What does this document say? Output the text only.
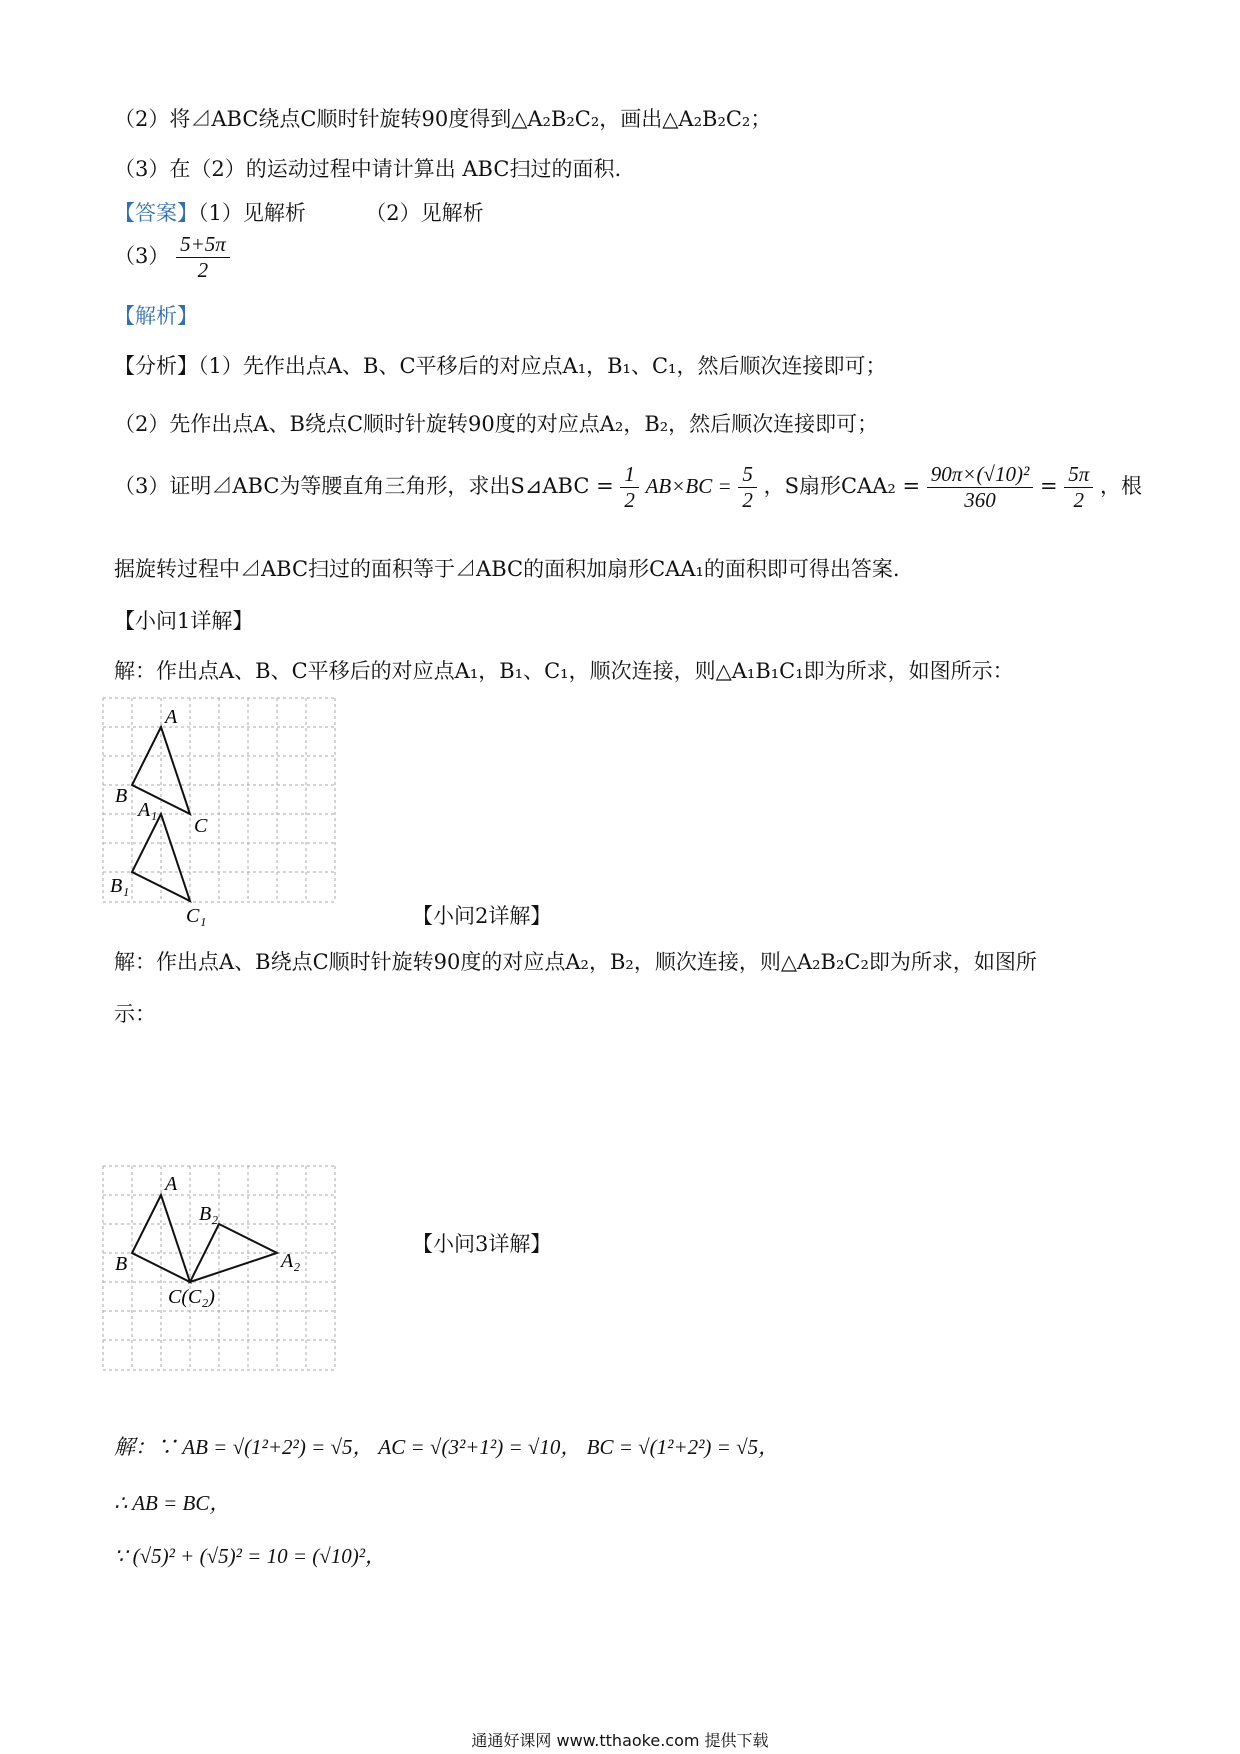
（2）将⊿ABC绕点C顺时针旋转90度得到△A₂B₂C₂，画出△A₂B₂C₂；
（3）在（2）的运动过程中请计算出 ABC扫过的面积.
【答案】（1）见解析	（2）见解析
$(3) \frac{5+5\pi}{2}$
【解析】
【分析】（1）先作出点A、B、C平移后的对应点A₁，B₁、C₁，然后顺次连接即可；
（2）先作出点A、B绕点C顺时针旋转90度的对应点A₂，B₂，然后顺次连接即可；
（3）证明⊿ABC为等腰直角三角形，求出S⊿ABC = $\frac{1}{2} AB\times BC = \frac{5}{2}$ ，S扇形$CAA_2 = \frac{\text{90π×(√10)²}}{360} = \frac{5\pi}{2}$ ，根
据旋转过程中⊿ABC扫过的面积等于⊿ABC的面积加扇形CAA₁的面积即可得出答案.
【小问1详解】
解：作出点A、B、C平移后的对应点A₁，B₁、C₁，顺次连接，则△A₁B₁C₁即为所求，如图所示：
A
B
C
A₁
B₁
C₁	【小问2详解】
解：作出点A、B绕点C顺时针旋转90度的对应点A₂，B₂，顺次连接，则△A₂B₂C₂即为所求，如图所
示：
A
B
C(C₂)
A₂
B₂
【小问3详解】
解：∵ AB = √(1²+2²) = √5， AC = √(3²+1²) = √10， BC = √(1²+2²) = √5，
∴ AB = BC，
∵ (√5)² + (√5)² = 10 = (√10)²，
通通好课网 www.tthaoke.com 提供下载
